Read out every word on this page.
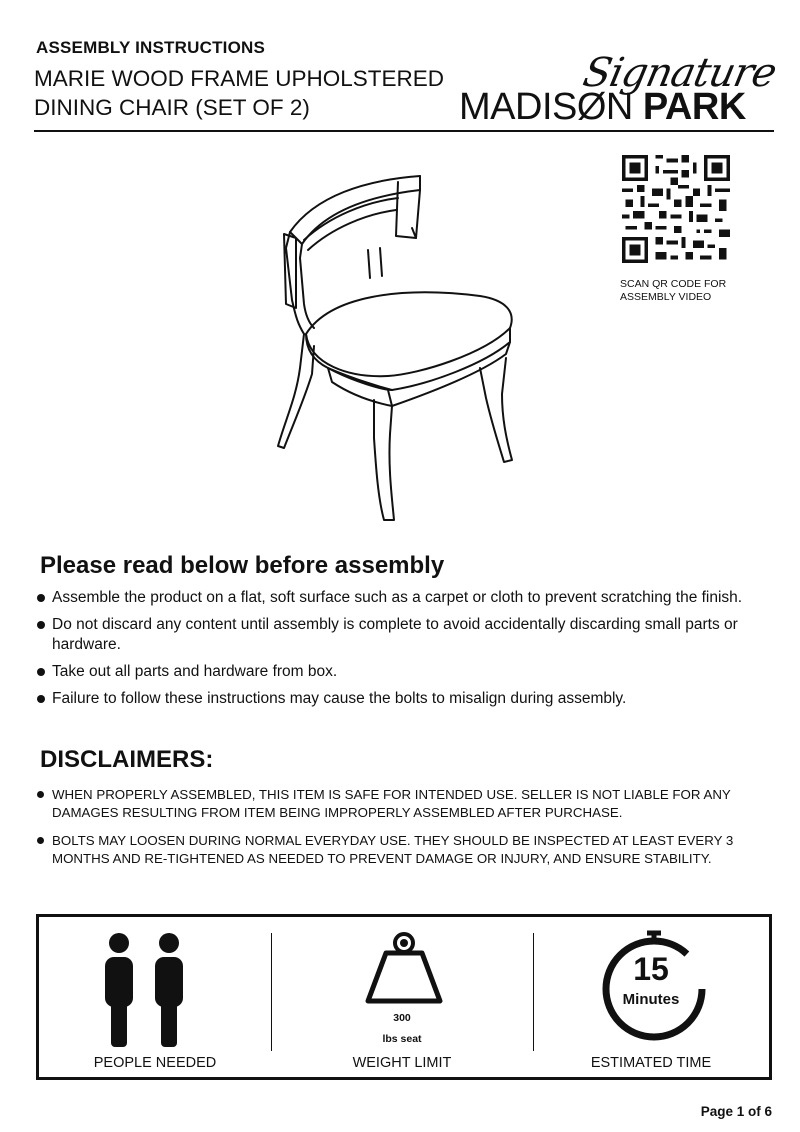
ASSEMBLY INSTRUCTIONS
MARIE WOOD FRAME UPHOLSTERED
DINING CHAIR (SET OF 2)
Signature
MADISØN PARK
SCAN QR CODE FOR
ASSEMBLY VIDEO
Please read below before assembly
Assemble the product on a flat, soft surface such as a carpet or cloth to prevent scratching the finish.
Do not discard any content until assembly is complete to avoid accidentally discarding small parts or hardware.
Take out all parts and hardware from box.
Failure to follow these instructions may cause the bolts to misalign during assembly.
DISCLAIMERS:
WHEN PROPERLY ASSEMBLED, THIS ITEM IS SAFE FOR INTENDED USE. SELLER IS NOT LIABLE FOR ANY DAMAGES RESULTING FROM ITEM BEING IMPROPERLY ASSEMBLED AFTER PURCHASE.
BOLTS MAY LOOSEN DURING NORMAL EVERYDAY USE. THEY SHOULD BE INSPECTED AT LEAST EVERY 3 MONTHS AND RE-TIGHTENED AS NEEDED TO PREVENT DAMAGE OR INJURY, AND ENSURE STABILITY.
PEOPLE NEEDED
300
lbs seat
WEIGHT LIMIT
15
Minutes
ESTIMATED TIME
Page 1 of 6
